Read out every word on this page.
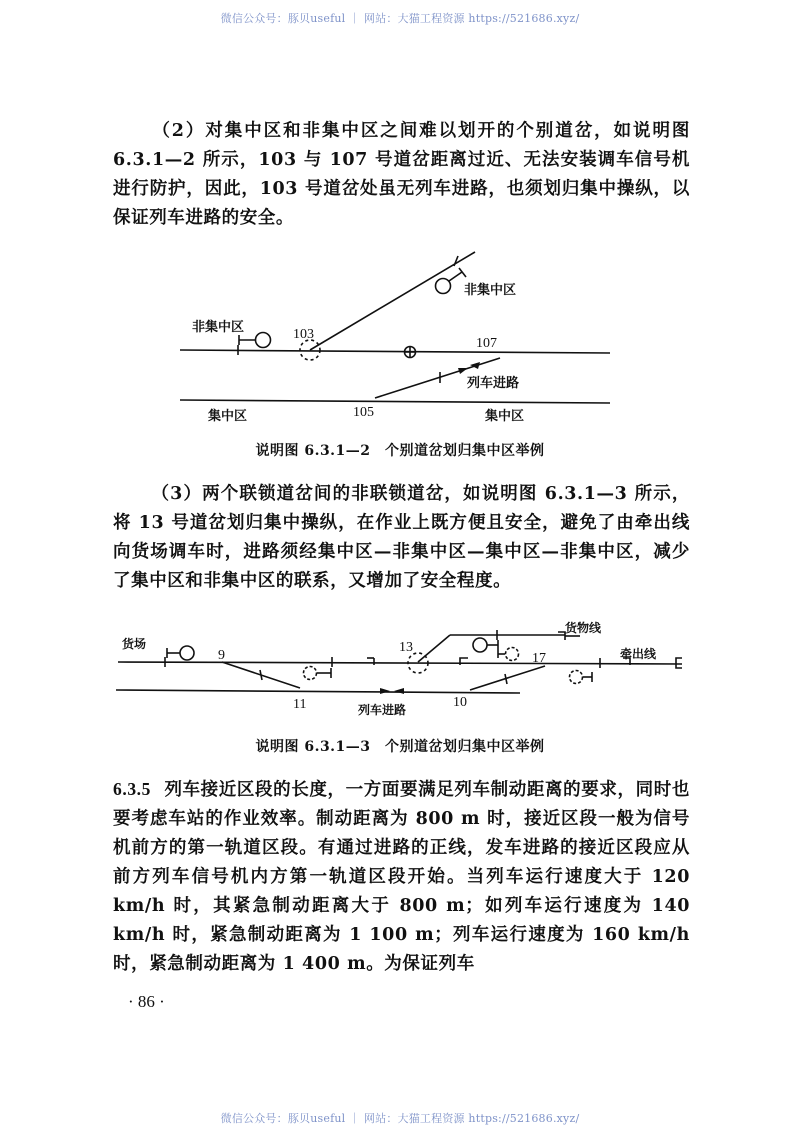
微信公众号：豚贝useful ｜ 网站：大猫工程资源 https://521686.xyz/
（2）对集中区和非集中区之间难以划开的个别道岔，如说明图 6.3.1—2 所示，103 与 107 号道岔距离过近、无法安装调车信号机进行防护，因此，103 号道岔处虽无列车进路，也须划归集中操纵，以保证列车进路的安全。
非集中区	103
非集中区
107
列车进路
集中区	105	集中区
说明图 6.3.1—2　个别道岔划归集中区举例
（3）两个联锁道岔间的非联锁道岔，如说明图 6.3.1—3 所示，将 13 号道岔划归集中操纵，在作业上既方便且安全，避免了由牵出线向货场调车时，进路须经集中区—非集中区—集中区—非集中区，减少了集中区和非集中区的联系，又增加了安全程度。
货场
9
11	列车进路
13
货物线
17
10
牵出线
说明图 6.3.1—3　个别道岔划归集中区举例
6.3.5 列车接近区段的长度，一方面要满足列车制动距离的要求，同时也要考虑车站的作业效率。制动距离为 800 m 时，接近区段一般为信号机前方的第一轨道区段。有通过进路的正线，发车进路的接近区段应从前方列车信号机内方第一轨道区段开始。当列车运行速度大于 120 km/h 时，其紧急制动距离大于 800 m；如列车运行速度为 140 km/h 时，紧急制动距离为 1 100 m；列车运行速度为 160 km/h 时，紧急制动距离为 1 400 m。为保证列车
· 86 ·
微信公众号：豚贝useful ｜ 网站：大猫工程资源 https://521686.xyz/
